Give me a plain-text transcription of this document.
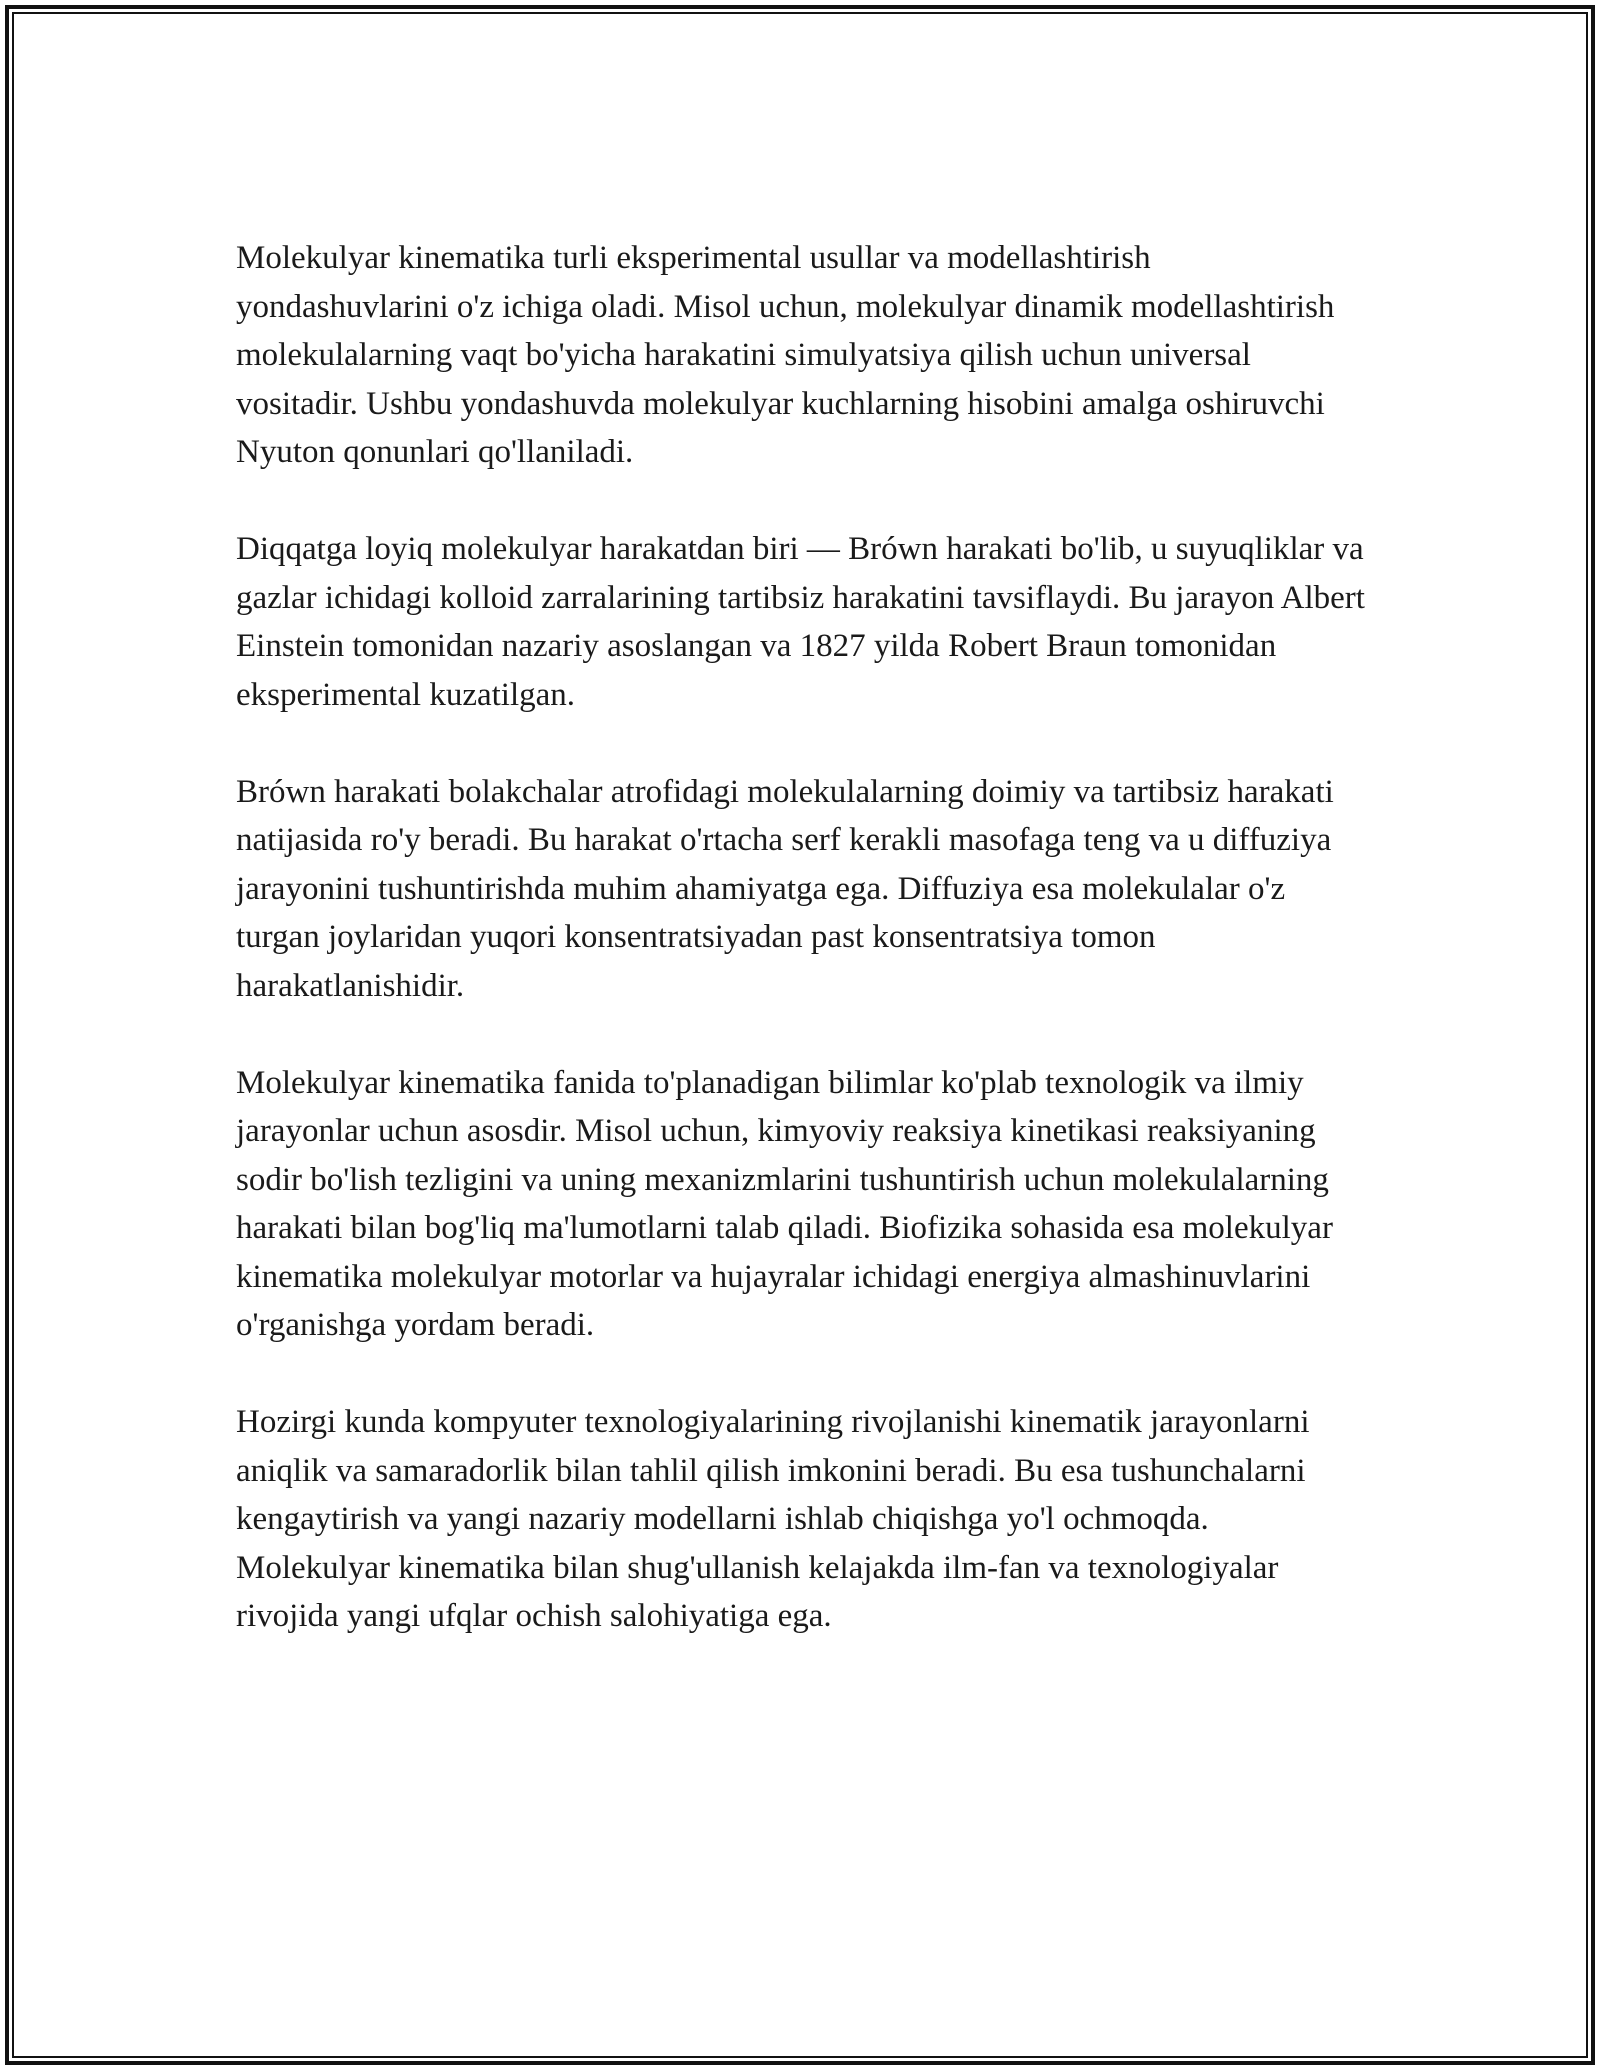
Molekulyar kinematika turli eksperimental usullar va modellashtirish yondashuvlarini o'z ichiga oladi. Misol uchun, molekulyar dinamik modellashtirish molekulalarning vaqt bo'yicha harakatini simulyatsiya qilish uchun universal vositadir. Ushbu yondashuvda molekulyar kuchlarning hisobini amalga oshiruvchi Nyuton qonunlari qo'llaniladi.

Diqqatga loyiq molekulyar harakatdan biri — Brówn harakati bo'lib, u suyuqliklar va gazlar ichidagi kolloid zarralarining tartibsiz harakatini tavsiflaydi. Bu jarayon Albert Einstein tomonidan nazariy asoslangan va 1827 yilda Robert Braun tomonidan eksperimental kuzatilgan.

Brówn harakati bolakchalar atrofidagi molekulalarning doimiy va tartibsiz harakati natijasida ro'y beradi. Bu harakat o'rtacha serf kerakli masofaga teng va u diffuziya jarayonini tushuntirishda muhim ahamiyatga ega. Diffuziya esa molekulalar o'z turgan joylaridan yuqori konsentratsiyadan past konsentratsiya tomon harakatlanishidir.

Molekulyar kinematika fanida to'planadigan bilimlar ko'plab texnologik va ilmiy jarayonlar uchun asosdir. Misol uchun, kimyoviy reaksiya kinetikasi reaksiyaning sodir bo'lish tezligini va uning mexanizmlarini tushuntirish uchun molekulalarning harakati bilan bog'liq ma'lumotlarni talab qiladi. Biofizika sohasida esa molekulyar kinematika molekulyar motorlar va hujayralar ichidagi energiya almashinuvlarini o'rganishga yordam beradi.

Hozirgi kunda kompyuter texnologiyalarining rivojlanishi kinematik jarayonlarni aniqlik va samaradorlik bilan tahlil qilish imkonini beradi. Bu esa tushunchalarni kengaytirish va yangi nazariy modellarni ishlab chiqishga yo'l ochmoqda. Molekulyar kinematika bilan shug'ullanish kelajakda ilm-fan va texnologiyalar rivojida yangi ufqlar ochish salohiyatiga ega.
